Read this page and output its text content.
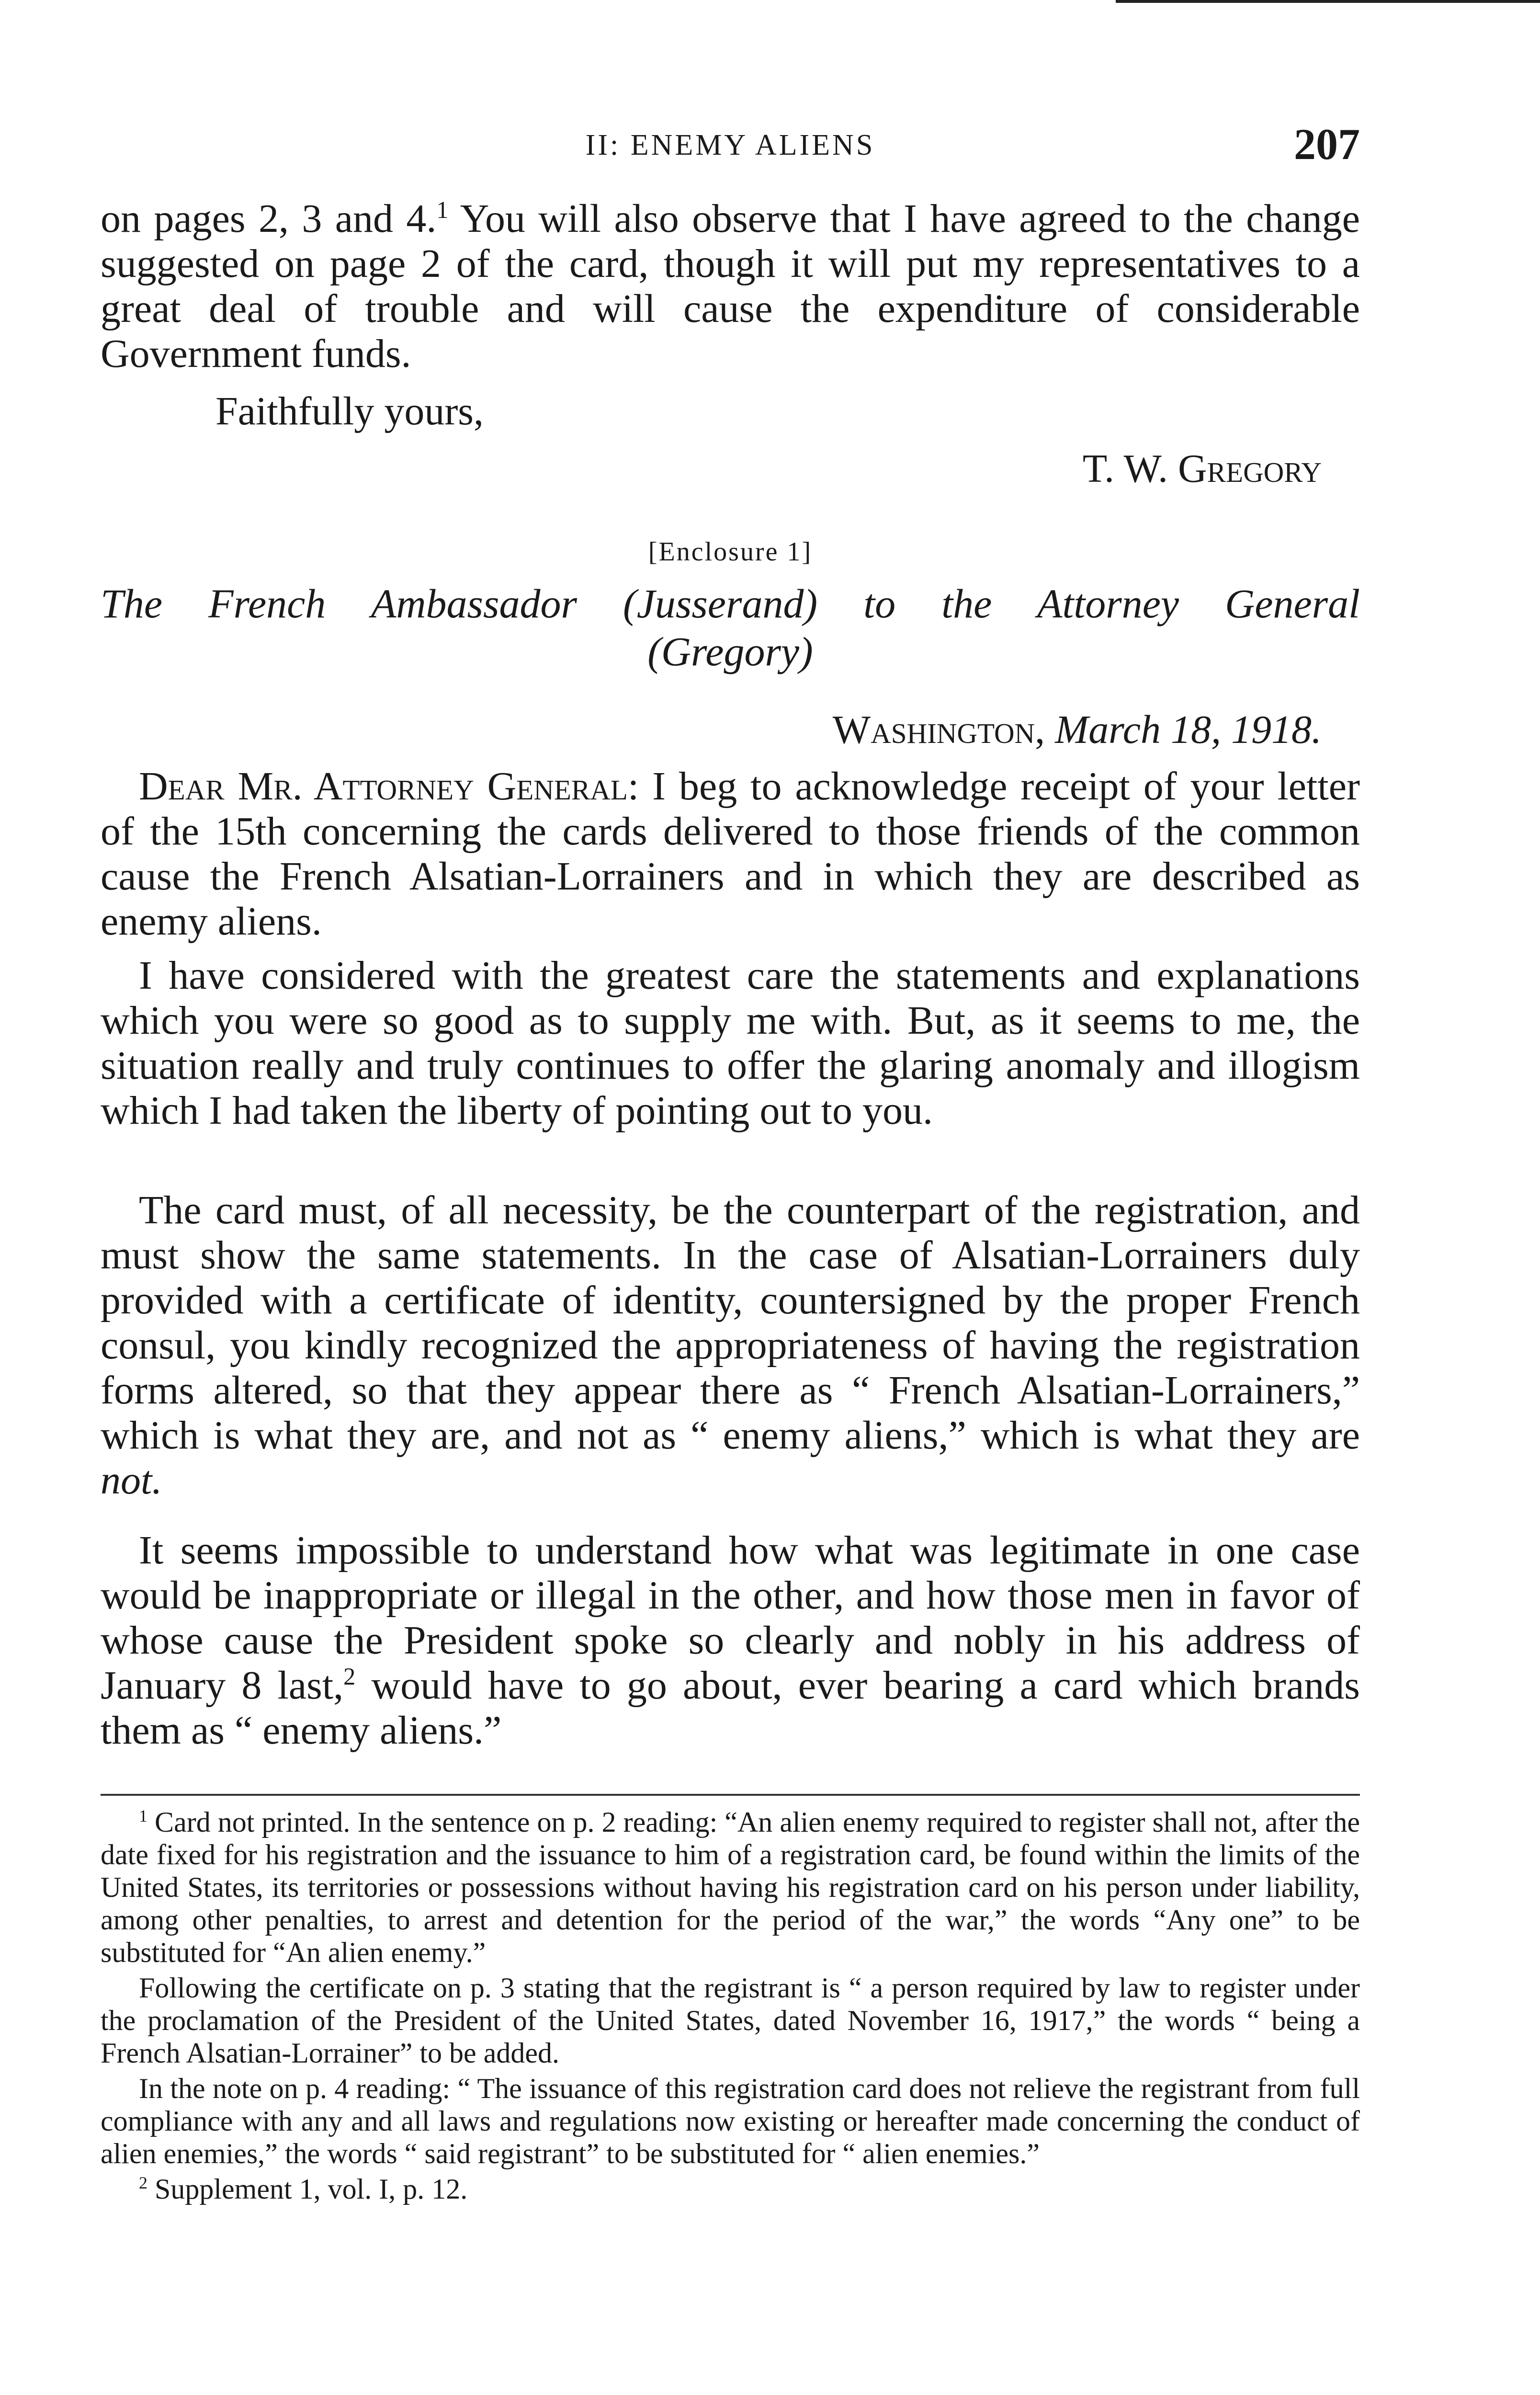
II: ENEMY ALIENS	207

on pages 2, 3 and 4.$^1$ You will also observe that I have agreed to the change suggested on page 2 of the card, though it will put my representatives to a great deal of trouble and will cause the expenditure of considerable Government funds.

Faithfully yours,
T. W. Gregory
[Enclosure 1]
The French Ambassador (Jusserand) to the Attorney General
(Gregory)
Washington, March 18, 1918.

Dear Mr. Attorney General: I beg to acknowledge receipt of your letter of the 15th concerning the cards delivered to those friends of the common cause the French Alsatian-Lorrainers and in which they are described as enemy aliens.

I have considered with the greatest care the statements and explanations which you were so good as to supply me with. But, as it seems to me, the situation really and truly continues to offer the glaring anomaly and illogism which I had taken the liberty of pointing out to you.

The card must, of all necessity, be the counterpart of the registration, and must show the same statements. In the case of Alsatian-Lorrainers duly provided with a certificate of identity, countersigned by the proper French consul, you kindly recognized the appropriateness of having the registration forms altered, so that they appear there as “ French Alsatian-Lorrainers,” which is what they are, and not as “ enemy aliens,” which is what they are not.

It seems impossible to understand how what was legitimate in one case would be inappropriate or illegal in the other, and how those men in favor of whose cause the President spoke so clearly and nobly in his address of January 8 last,$^2$ would have to go about, ever bearing a card which brands them as “ enemy aliens.”

$^1$ Card not printed. In the sentence on p. 2 reading: “An alien enemy required to register shall not, after the date fixed for his registration and the issuance to him of a registration card, be found within the limits of the United States, its territories or possessions without having his registration card on his person under liability, among other penalties, to arrest and detention for the period of the war,” the words “Any one” to be substituted for “An alien enemy.”

Following the certificate on p. 3 stating that the registrant is “ a person required by law to register under the proclamation of the President of the United States, dated November 16, 1917,” the words “ being a French Alsatian-Lorrainer” to be added.

In the note on p. 4 reading: “ The issuance of this registration card does not relieve the registrant from full compliance with any and all laws and regulations now existing or hereafter made concerning the conduct of alien enemies,” the words “ said registrant” to be substituted for “ alien enemies.”

$^2$ Supplement 1, vol. I, p. 12.
